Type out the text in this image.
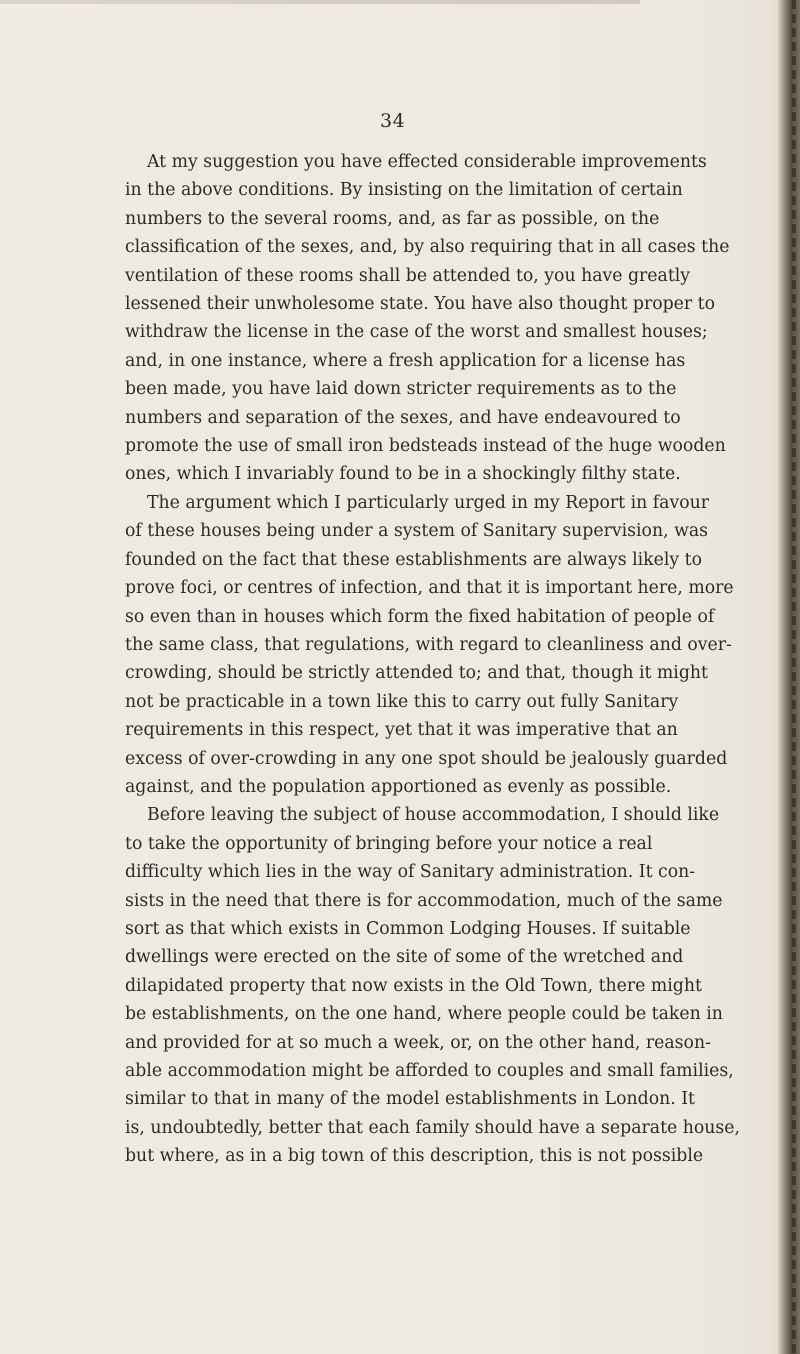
34

At my suggestion you have effected considerable improvements
in the above conditions. By insisting on the limitation of certain
numbers to the several rooms, and, as far as possible, on the
classification of the sexes, and, by also requiring that in all cases the
ventilation of these rooms shall be attended to, you have greatly
lessened their unwholesome state. You have also thought proper to
withdraw the license in the case of the worst and smallest houses;
and, in one instance, where a fresh application for a license has
been made, you have laid down stricter requirements as to the
numbers and separation of the sexes, and have endeavoured to
promote the use of small iron bedsteads instead of the huge wooden
ones, which I invariably found to be in a shockingly filthy state.

The argument which I particularly urged in my Report in favour
of these houses being under a system of Sanitary supervision, was
founded on the fact that these establishments are always likely to
prove foci, or centres of infection, and that it is important here, more
so even than in houses which form the fixed habitation of people of
the same class, that regulations, with regard to cleanliness and over-
crowding, should be strictly attended to; and that, though it might
not be practicable in a town like this to carry out fully Sanitary
requirements in this respect, yet that it was imperative that an
excess of over-crowding in any one spot should be jealously guarded
against, and the population apportioned as evenly as possible.

Before leaving the subject of house accommodation, I should like
to take the opportunity of bringing before your notice a real
difficulty which lies in the way of Sanitary administration. It con-
sists in the need that there is for accommodation, much of the same
sort as that which exists in Common Lodging Houses. If suitable
dwellings were erected on the site of some of the wretched and
dilapidated property that now exists in the Old Town, there might
be establishments, on the one hand, where people could be taken in
and provided for at so much a week, or, on the other hand, reason-
able accommodation might be afforded to couples and small families,
similar to that in many of the model establishments in London. It
is, undoubtedly, better that each family should have a separate house,
but where, as in a big town of this description, this is not possible
